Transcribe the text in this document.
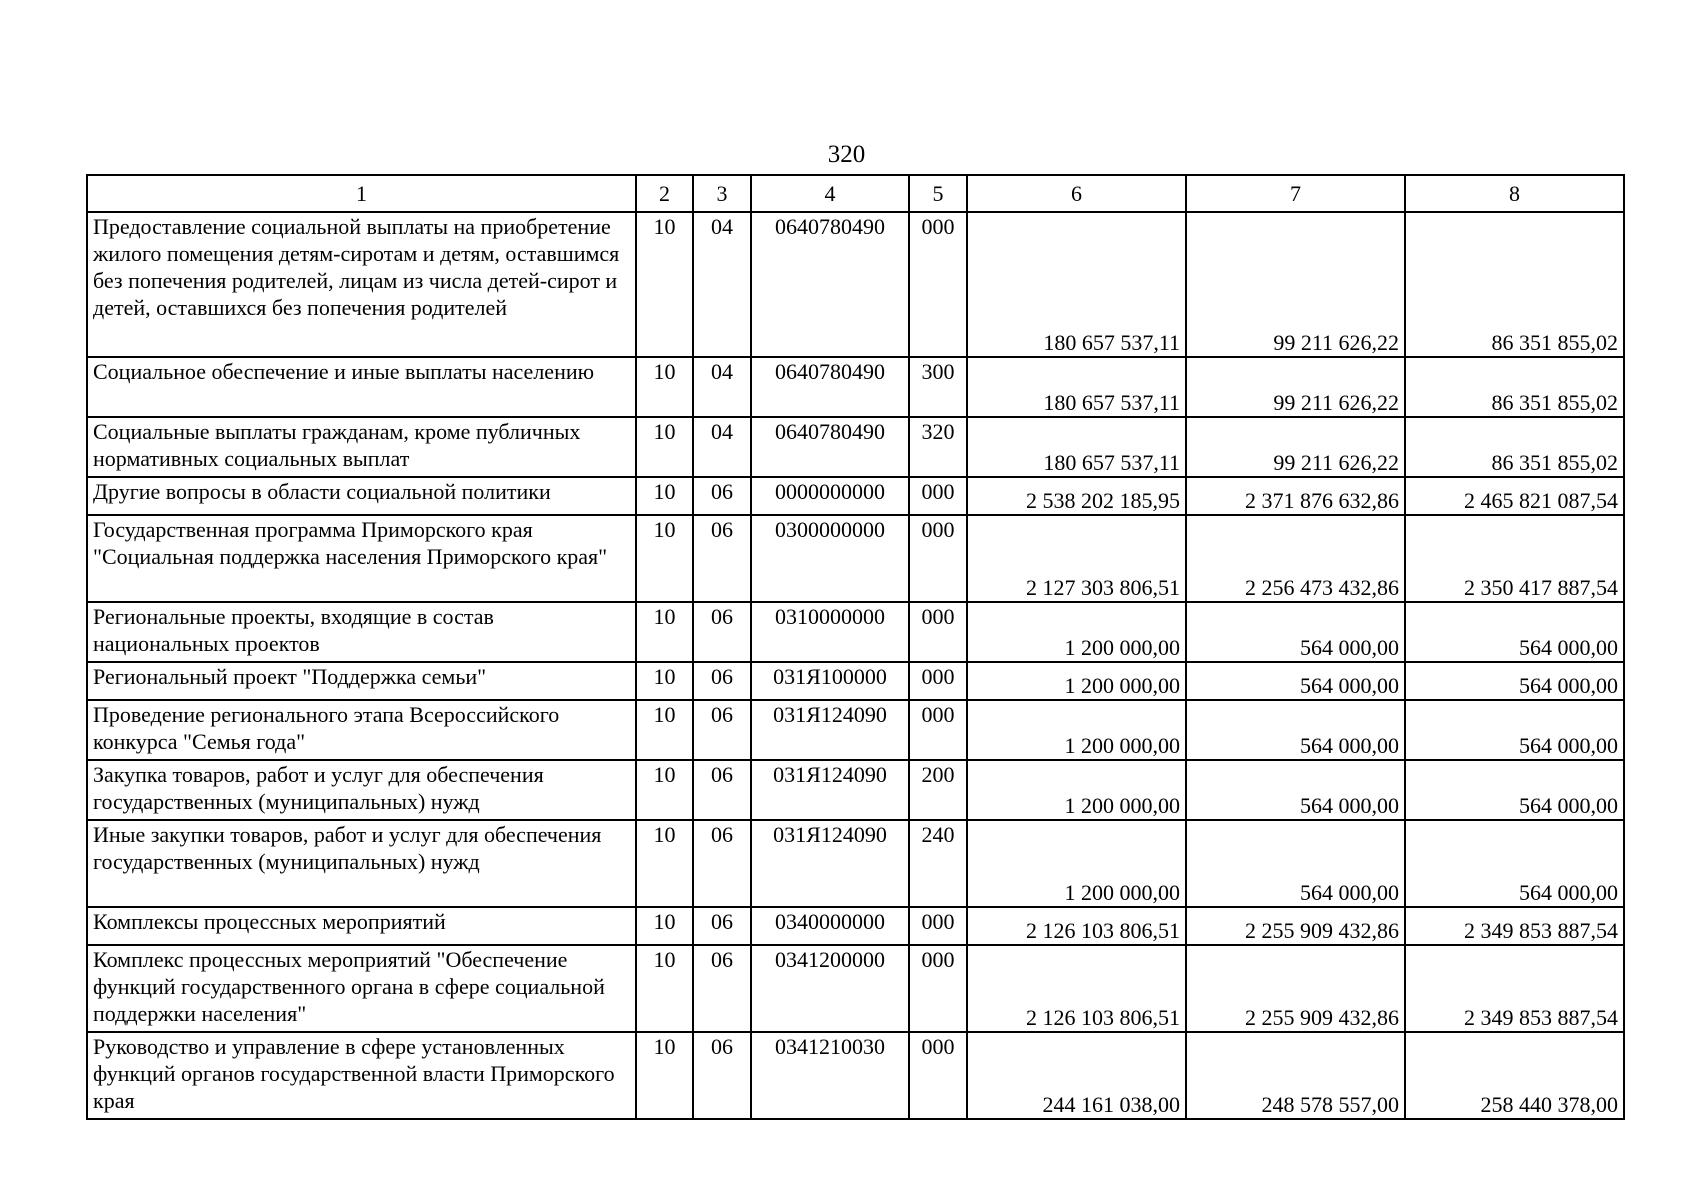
320
1	2	3	4	5	6	7	8
Предоставление социальной выплаты на приобретение жилого помещения детям-сиротам и детям, оставшимся без попечения родителей, лицам из числа детей-сирот и детей, оставшихся без попечения родителей	10	04	0640780490	000	180 657 537,11	99 211 626,22	86 351 855,02
Социальное обеспечение и иные выплаты населению	10	04	0640780490	300	180 657 537,11	99 211 626,22	86 351 855,02
Социальные выплаты гражданам, кроме публичных нормативных социальных выплат	10	04	0640780490	320	180 657 537,11	99 211 626,22	86 351 855,02
Другие вопросы в области социальной политики	10	06	0000000000	000	2 538 202 185,95	2 371 876 632,86	2 465 821 087,54
Государственная программа Приморского края "Социальная поддержка населения Приморского края"	10	06	0300000000	000	2 127 303 806,51	2 256 473 432,86	2 350 417 887,54
Региональные проекты, входящие в состав национальных проектов	10	06	0310000000	000	1 200 000,00	564 000,00	564 000,00
Региональный проект "Поддержка семьи"	10	06	031Я100000	000	1 200 000,00	564 000,00	564 000,00
Проведение регионального этапа Всероссийского конкурса "Семья года"	10	06	031Я124090	000	1 200 000,00	564 000,00	564 000,00
Закупка товаров, работ и услуг для обеспечения государственных (муниципальных) нужд	10	06	031Я124090	200	1 200 000,00	564 000,00	564 000,00
Иные закупки товаров, работ и услуг для обеспечения государственных (муниципальных) нужд	10	06	031Я124090	240	1 200 000,00	564 000,00	564 000,00
Комплексы процессных мероприятий	10	06	0340000000	000	2 126 103 806,51	2 255 909 432,86	2 349 853 887,54
Комплекс процессных мероприятий "Обеспечение функций государственного органа в сфере социальной поддержки населения"	10	06	0341200000	000	2 126 103 806,51	2 255 909 432,86	2 349 853 887,54
Руководство и управление в сфере установленных функций органов государственной власти Приморского края	10	06	0341210030	000	244 161 038,00	248 578 557,00	258 440 378,00
